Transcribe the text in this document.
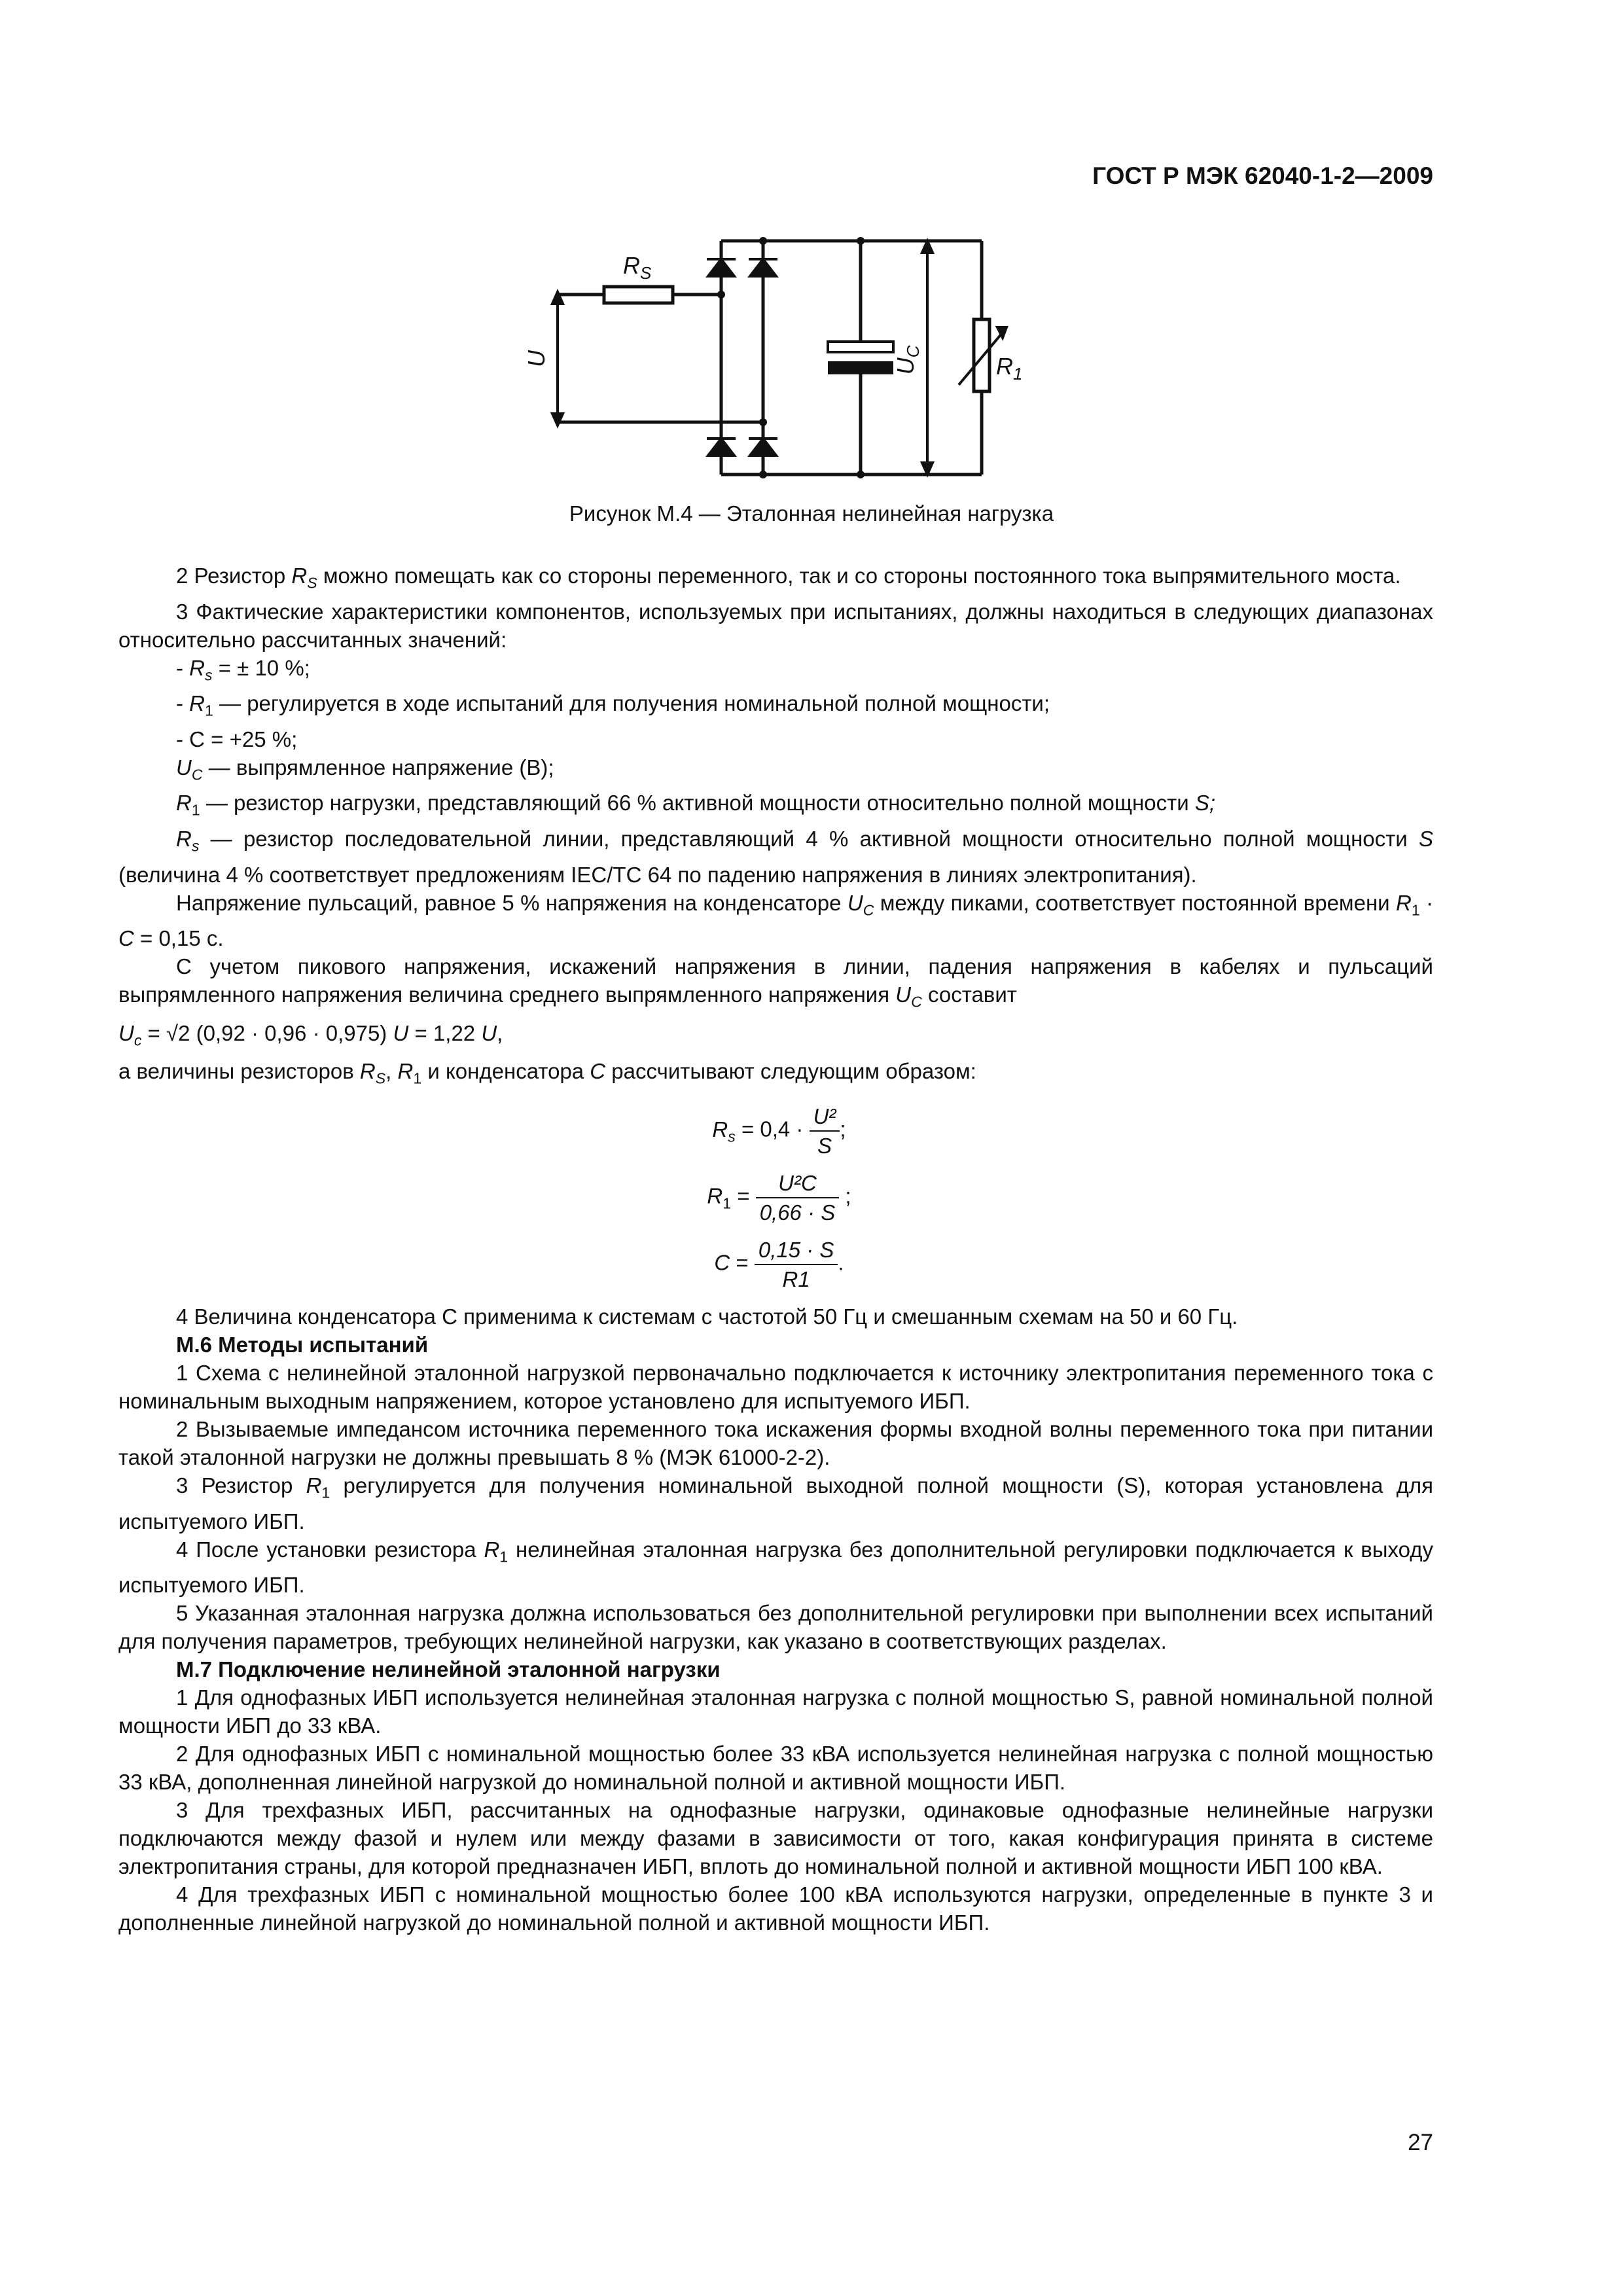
ГОСТ Р МЭК 62040-1-2—2009
$R_S$
U	$U_C$
$R_1$
Рисунок М.4 — Эталонная нелинейная нагрузка

2 Резистор $R_S$ можно помещать как со стороны переменного, так и со стороны постоянного тока выпрямительного моста.

3 Фактические характеристики компонентов, используемых при испытаниях, должны находиться в следующих диапазонах относительно рассчитанных значений:

- $R_s$ = ± 10 %;

- $R_1$ — регулируется в ходе испытаний для получения номинальной полной мощности;

- C = +25 %;

$U_C$ — выпрямленное напряжение (В);

$R_1$ — резистор нагрузки, представляющий 66 % активной мощности относительно полной мощности S;

$R_s$ — резистор последовательной линии, представляющий 4 % активной мощности относительно полной мощности S (величина 4 % соответствует предложениям IEC/TC 64 по падению напряжения в линиях электропитания).

Напряжение пульсаций, равное 5 % напряжения на конденсаторе $U_C$ между пиками, соответствует постоянной времени $R_1 \cdot C = 0,15$ с.

С учетом пикового напряжения, искажений напряжения в линии, падения напряжения в кабелях и пульсаций выпрямленного напряжения величина среднего выпрямленного напряжения $U_C$ составит

$U_c = √2$ (0,92 · 0,96 · 0,975) U = 1,22 U,

а величины резисторов $R_S$, $R_1$ и конденсатора C рассчитывают следующим образом:

$R_s = 0,4 \cdot \frac{\text{U²}}{S}$ ;
$R_1 = \frac{\text{U²C}}{0,66 \cdot S}$ ;
$C = \frac{0,15 \cdot S}{R1}$ .

4 Величина конденсатора C применима к системам с частотой 50 Гц и смешанным схемам на 50 и 60 Гц.

М.6 Методы испытаний

1 Схема с нелинейной эталонной нагрузкой первоначально подключается к источнику электропитания переменного тока с номинальным выходным напряжением, которое установлено для испытуемого ИБП.

2 Вызываемые импедансом источника переменного тока искажения формы входной волны переменного тока при питании такой эталонной нагрузки не должны превышать 8 % (МЭК 61000-2-2).

3 Резистор $R_1$ регулируется для получения номинальной выходной полной мощности (S), которая установлена для испытуемого ИБП.

4 После установки резистора $R_1$ нелинейная эталонная нагрузка без дополнительной регулировки подключается к выходу испытуемого ИБП.

5 Указанная эталонная нагрузка должна использоваться без дополнительной регулировки при выполнении всех испытаний для получения параметров, требующих нелинейной нагрузки, как указано в соответствующих разделах.

М.7 Подключение нелинейной эталонной нагрузки

1 Для однофазных ИБП используется нелинейная эталонная нагрузка с полной мощностью S, равной номинальной полной мощности ИБП до 33 кВА.

2 Для однофазных ИБП с номинальной мощностью более 33 кВА используется нелинейная нагрузка с полной мощностью 33 кВА, дополненная линейной нагрузкой до номинальной полной и активной мощности ИБП.

3 Для трехфазных ИБП, рассчитанных на однофазные нагрузки, одинаковые однофазные нелинейные нагрузки подключаются между фазой и нулем или между фазами в зависимости от того, какая конфигурация принята в системе электропитания страны, для которой предназначен ИБП, вплоть до номинальной полной и активной мощности ИБП 100 кВА.

4 Для трехфазных ИБП с номинальной мощностью более 100 кВА используются нагрузки, определенные в пункте 3 и дополненные линейной нагрузкой до номинальной полной и активной мощности ИБП.

27
